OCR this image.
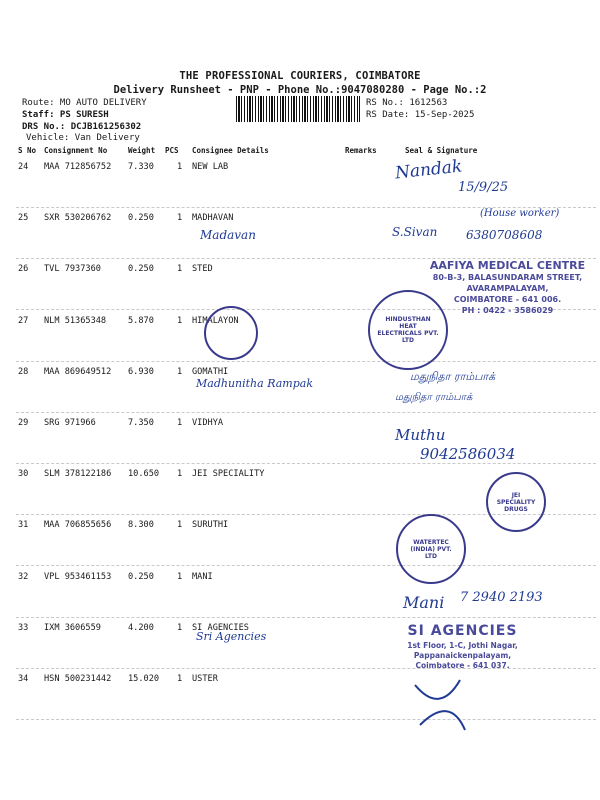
THE PROFESSIONAL COURIERS, COIMBATORE
Delivery Runsheet - PNP - Phone No.:9047080280 - Page No.:2
Route: MO AUTO DELIVERY
Staff: PS SURESH
DRS No.: DCJB161256302
Vehicle: Van Delivery
RS No.: 1612563
RS Date: 15-Sep-2025
S No Consignment No	Weight PCS Consignee Details	Remarks	Seal & Signature
24 MAA 712856752 7.330	1 NEW LAB
25 SXR 530206762 0.250	1 MADHAVAN
26 TVL 7937360	0.250	1 STED
27 NLM 51365348	5.870	1 HIMALAYON
28 MAA 869649512 6.930	1 GOMATHI
29 SRG 971966	7.350	1 VIDHYA
30 SLM 378122186 10.650 1 JEI SPECIALITY
31 MAA 706855656 8.300	1 SURUTHI
32 VPL 953461153 0.250	1 MANI
33 IXM 3606559	4.200	1 SI AGENCIES
34 HSN 500231442 15.020 1 USTER
Nandak
15/9/25
(House worker)
Madavan	S.Sivan 6380708608
Madhunitha Rampak
மதுநிதா ராம்பாக்
மதுநிதா ராம்பாக்
Muthu
9042586034
Mani 7 2940 2193
Sri Agencies
AAFIYA MEDICAL CENTRE
80-B-3, BALASUNDARAM STREET,
AVARAMPALAYAM,
COIMBATORE - 641 006.
PH : 0422 - 3586029
HINDUSTHAN HEAT ELECTRICALS PVT. LTD
JEI SPECIALITY DRUGS
WATERTEC (INDIA) PVT. LTD
SI AGENCIES
1st Floor, 1-C, Jothi Nagar,
Pappanaickenpalayam,
Coimbatore - 641 037.
